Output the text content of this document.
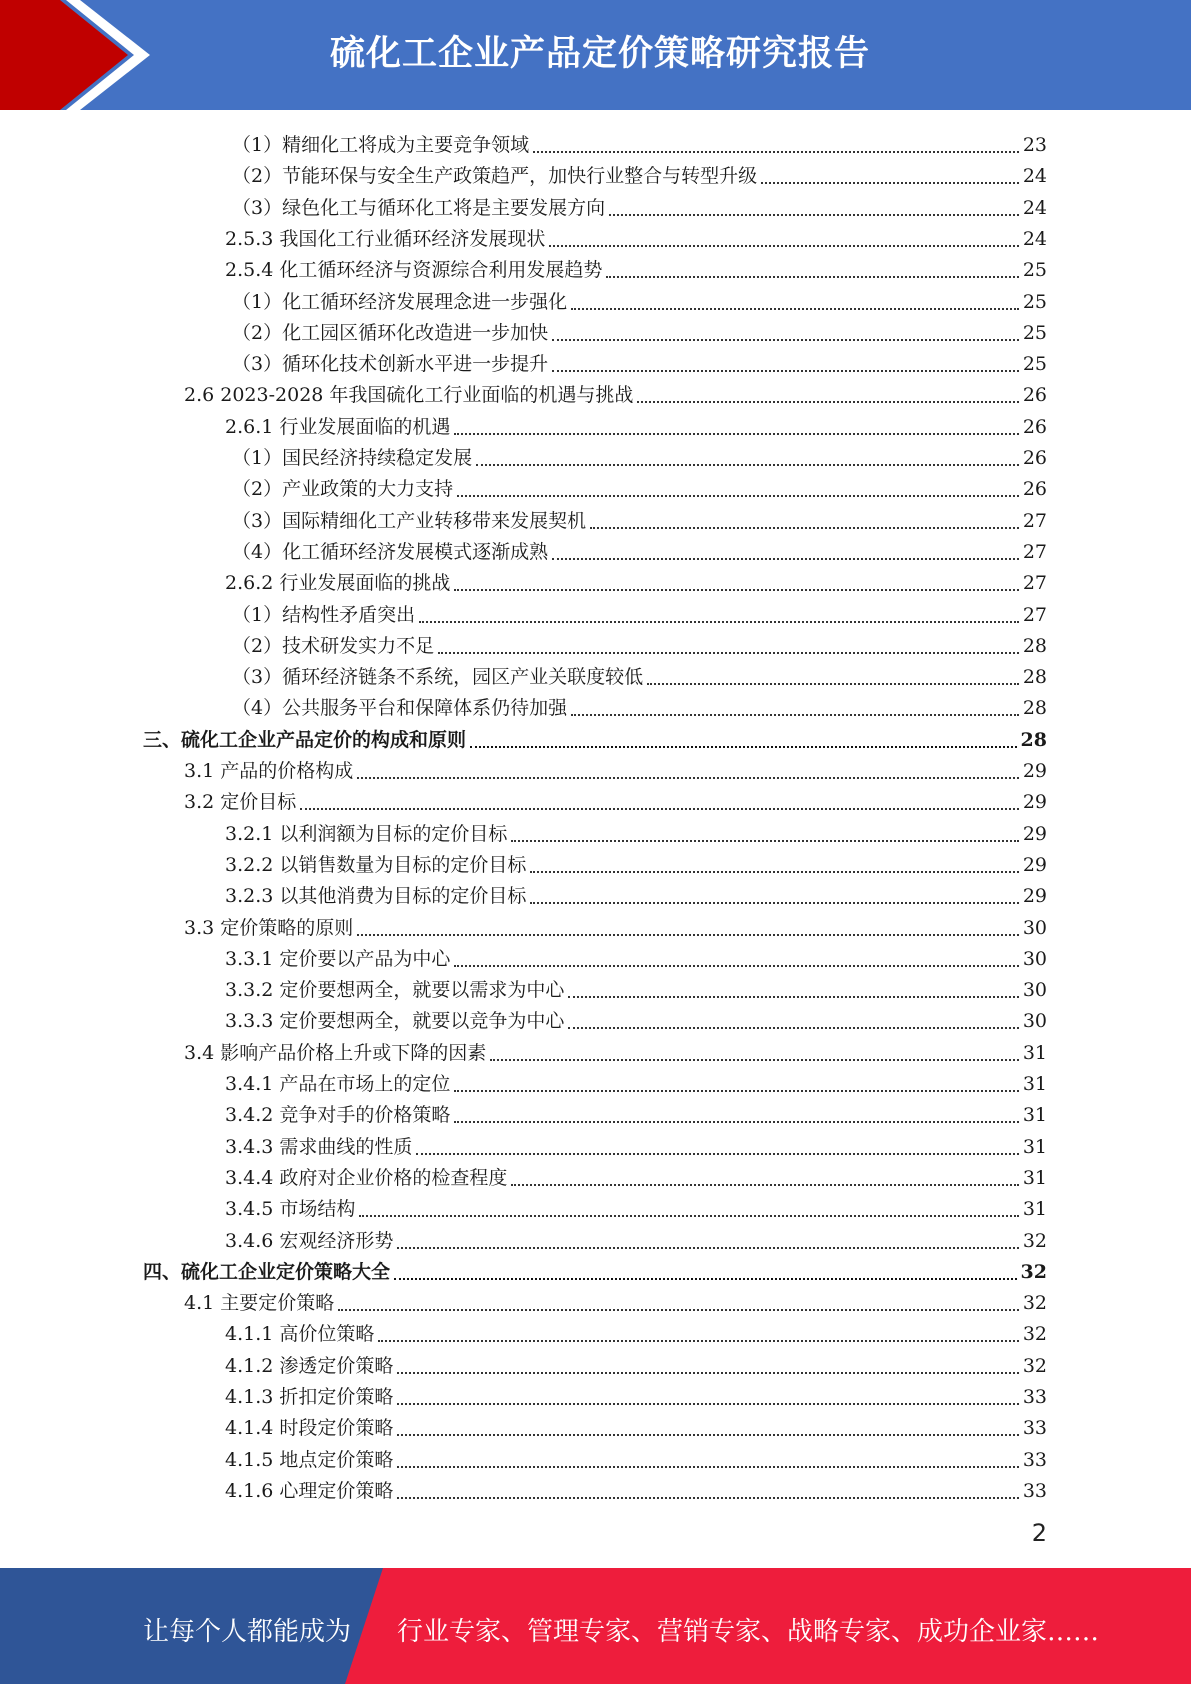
硫化工企业产品定价策略研究报告
（1）精细化工将成为主要竞争领域	23
（2）节能环保与安全生产政策趋严，加快行业整合与转型升级	24
（3）绿色化工与循环化工将是主要发展方向	24
2.5.3 我国化工行业循环经济发展现状	24
2.5.4 化工循环经济与资源综合利用发展趋势	25
（1）化工循环经济发展理念进一步强化	25
（2）化工园区循环化改造进一步加快	25
（3）循环化技术创新水平进一步提升	25
2.6 2023-2028 年我国硫化工行业面临的机遇与挑战	26
2.6.1 行业发展面临的机遇	26
（1）国民经济持续稳定发展	26
（2）产业政策的大力支持	26
（3）国际精细化工产业转移带来发展契机	27
（4）化工循环经济发展模式逐渐成熟	27
2.6.2 行业发展面临的挑战	27
（1）结构性矛盾突出	27
（2）技术研发实力不足	28
（3）循环经济链条不系统，园区产业关联度较低	28
（4）公共服务平台和保障体系仍待加强	28
三、硫化工企业产品定价的构成和原则	28
3.1 产品的价格构成	29
3.2 定价目标	29
3.2.1 以利润额为目标的定价目标	29
3.2.2 以销售数量为目标的定价目标	29
3.2.3 以其他消费为目标的定价目标	29
3.3 定价策略的原则	30
3.3.1 定价要以产品为中心	30
3.3.2 定价要想两全，就要以需求为中心	30
3.3.3 定价要想两全，就要以竞争为中心	30
3.4 影响产品价格上升或下降的因素	31
3.4.1 产品在市场上的定位	31
3.4.2 竞争对手的价格策略	31
3.4.3 需求曲线的性质	31
3.4.4 政府对企业价格的检查程度	31
3.4.5 市场结构	31
3.4.6 宏观经济形势	32
四、硫化工企业定价策略大全	32
4.1 主要定价策略	32
4.1.1 高价位策略	32
4.1.2 渗透定价策略	32
4.1.3 折扣定价策略	33
4.1.4 时段定价策略	33
4.1.5 地点定价策略	33
4.1.6 心理定价策略	33
2
让每个人都能成为 行业专家、管理专家、营销专家、战略专家、成功企业家……
